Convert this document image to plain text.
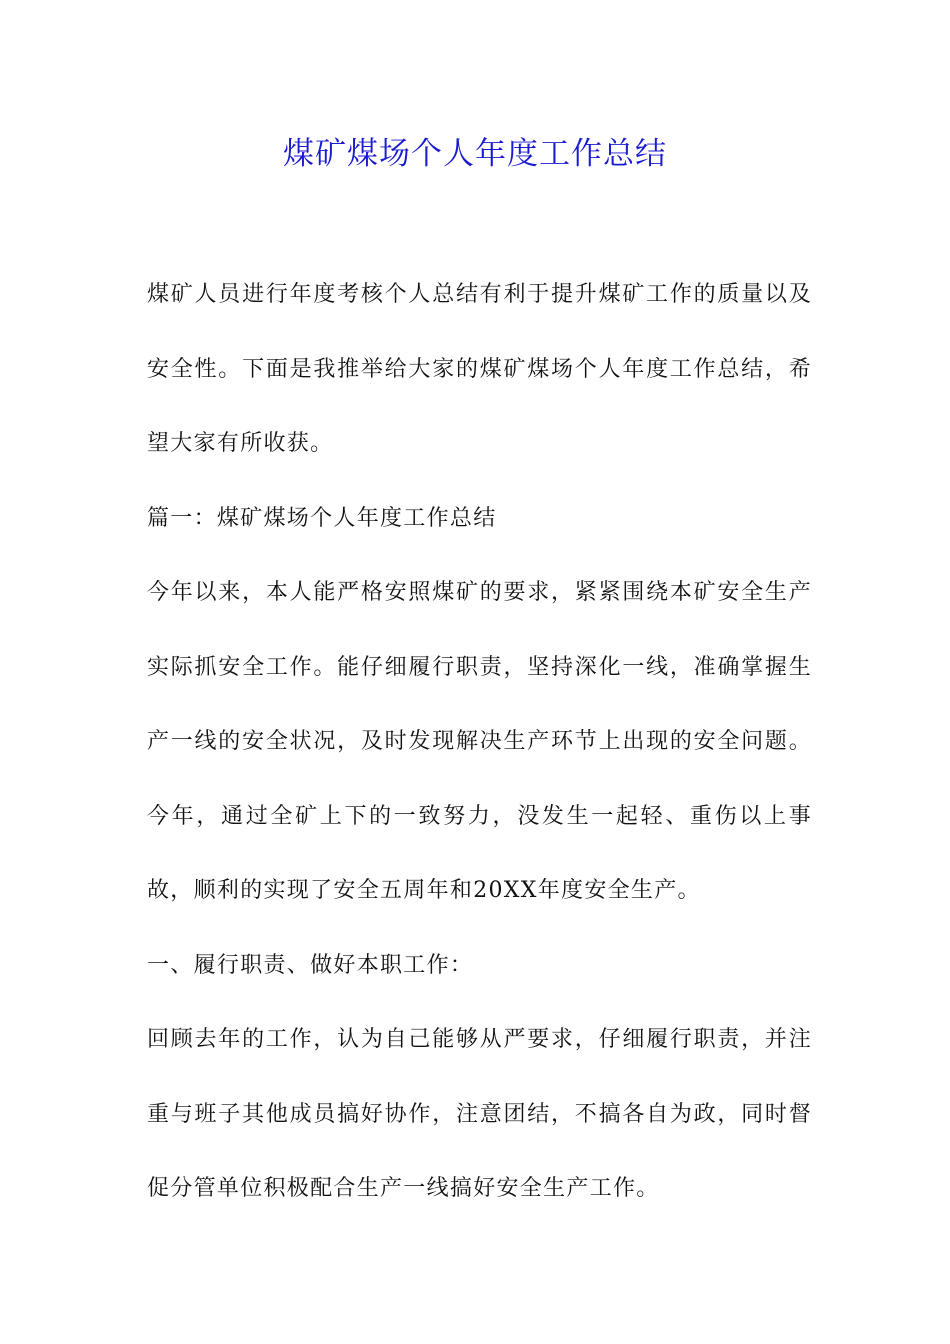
煤矿煤场个人年度工作总结

煤矿人员进行年度考核个人总结有利于提升煤矿工作的质量以及安全性。下面是我推举给大家的煤矿煤场个人年度工作总结，希望大家有所收获。

篇一：煤矿煤场个人年度工作总结

今年以来，本人能严格安照煤矿的要求，紧紧围绕本矿安全生产实际抓安全工作。能仔细履行职责，坚持深化一线，准确掌握生产一线的安全状况，及时发现解决生产环节上出现的安全问题。今年，通过全矿上下的一致努力，没发生一起轻、重伤以上事故，顺利的实现了安全五周年和20XX年度安全生产。

一、履行职责、做好本职工作：

回顾去年的工作，认为自己能够从严要求，仔细履行职责，并注重与班子其他成员搞好协作，注意团结，不搞各自为政，同时督促分管单位积极配合生产一线搞好安全生产工作。
